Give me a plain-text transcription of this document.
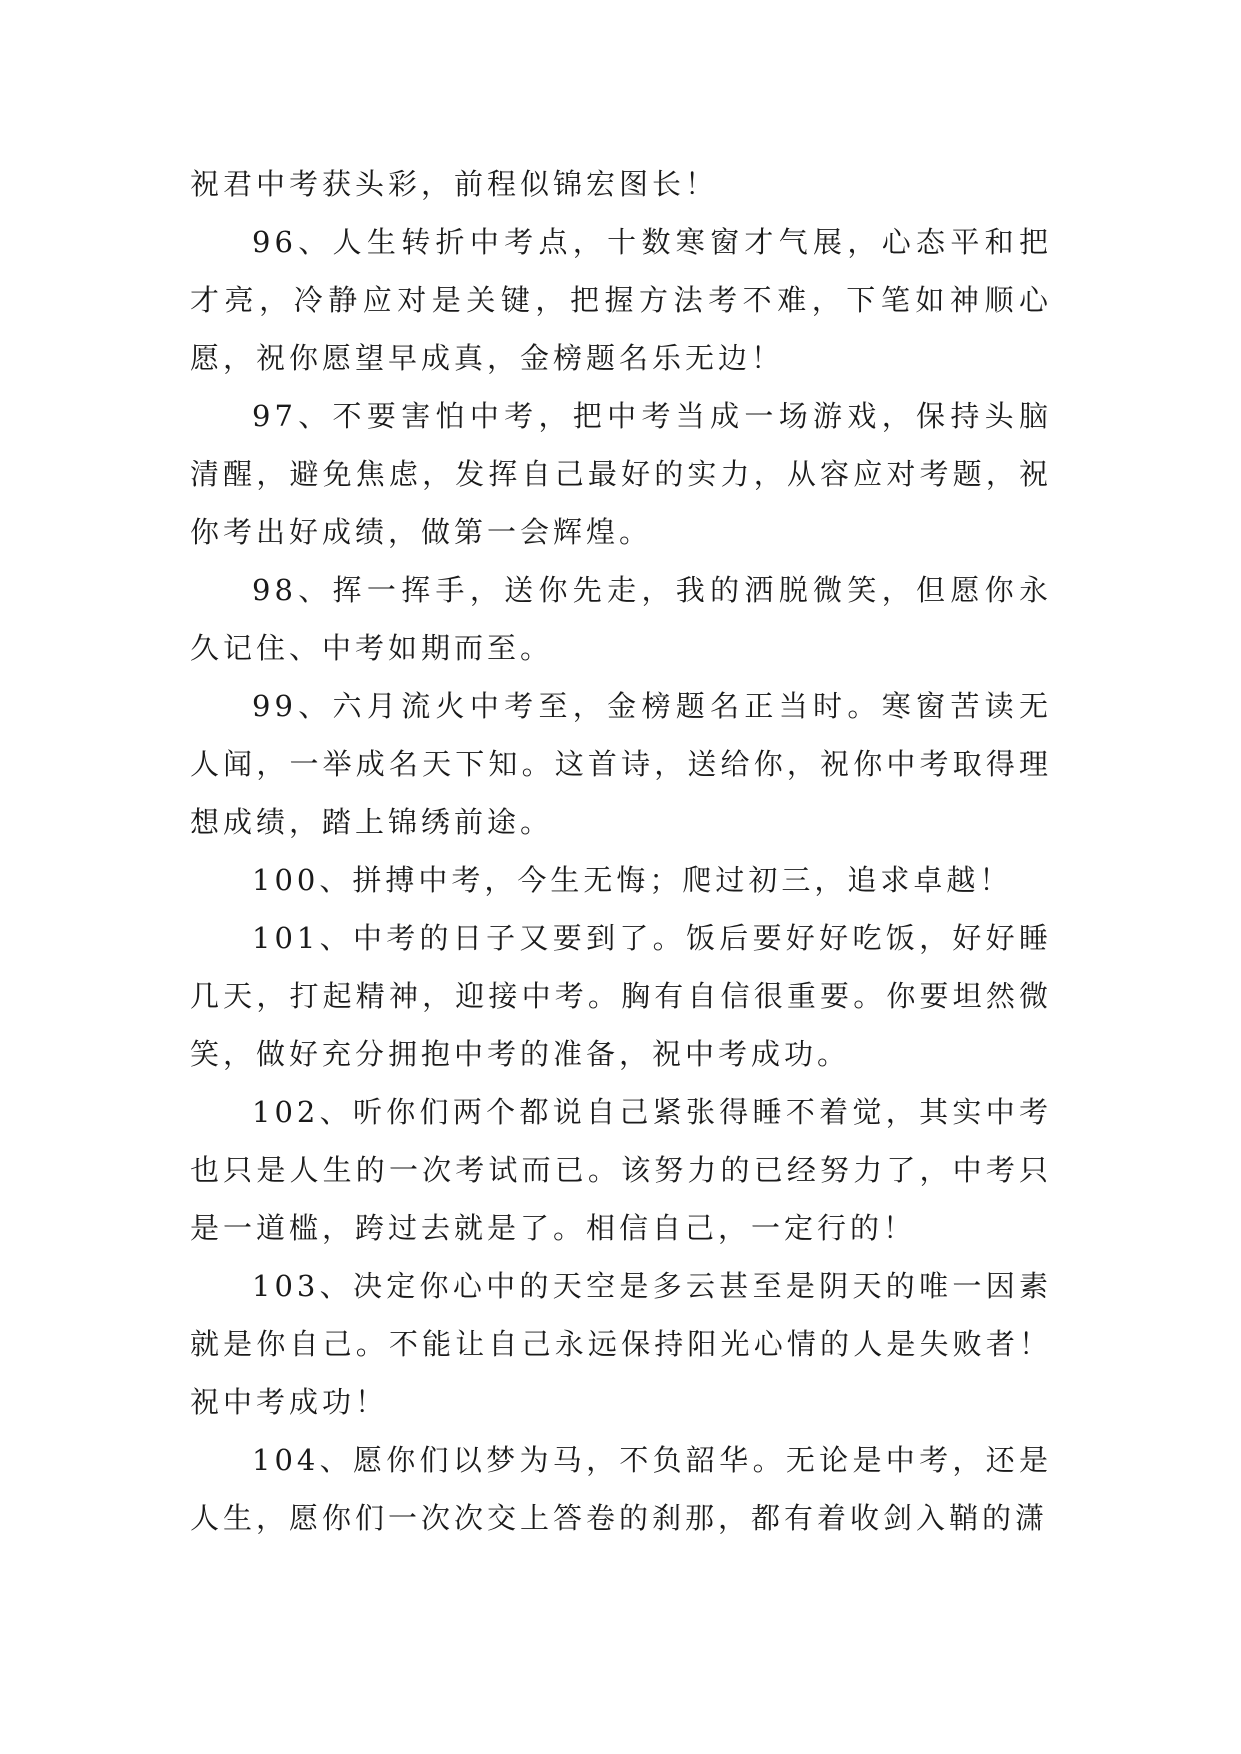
祝君中考获头彩，前程似锦宏图长！

96、人生转折中考点，十数寒窗才气展，心态平和把才亮，冷静应对是关键，把握方法考不难，下笔如神顺心愿，祝你愿望早成真，金榜题名乐无边！

97、不要害怕中考，把中考当成一场游戏，保持头脑清醒，避免焦虑，发挥自己最好的实力，从容应对考题，祝你考出好成绩，做第一会辉煌。

98、挥一挥手，送你先走，我的洒脱微笑，但愿你永久记住、中考如期而至。

99、六月流火中考至，金榜题名正当时。寒窗苦读无人闻，一举成名天下知。这首诗，送给你，祝你中考取得理想成绩，踏上锦绣前途。

100、拼搏中考，今生无悔；爬过初三，追求卓越！

101、中考的日子又要到了。饭后要好好吃饭，好好睡几天，打起精神，迎接中考。胸有自信很重要。你要坦然微笑，做好充分拥抱中考的准备，祝中考成功。

102、听你们两个都说自己紧张得睡不着觉，其实中考也只是人生的一次考试而已。该努力的已经努力了，中考只是一道槛，跨过去就是了。相信自己，一定行的！

103、决定你心中的天空是多云甚至是阴天的唯一因素就是你自己。不能让自己永远保持阳光心情的人是失败者！祝中考成功！

104、愿你们以梦为马，不负韶华。无论是中考，还是人生，愿你们一次次交上答卷的刹那，都有着收剑入鞘的潇
